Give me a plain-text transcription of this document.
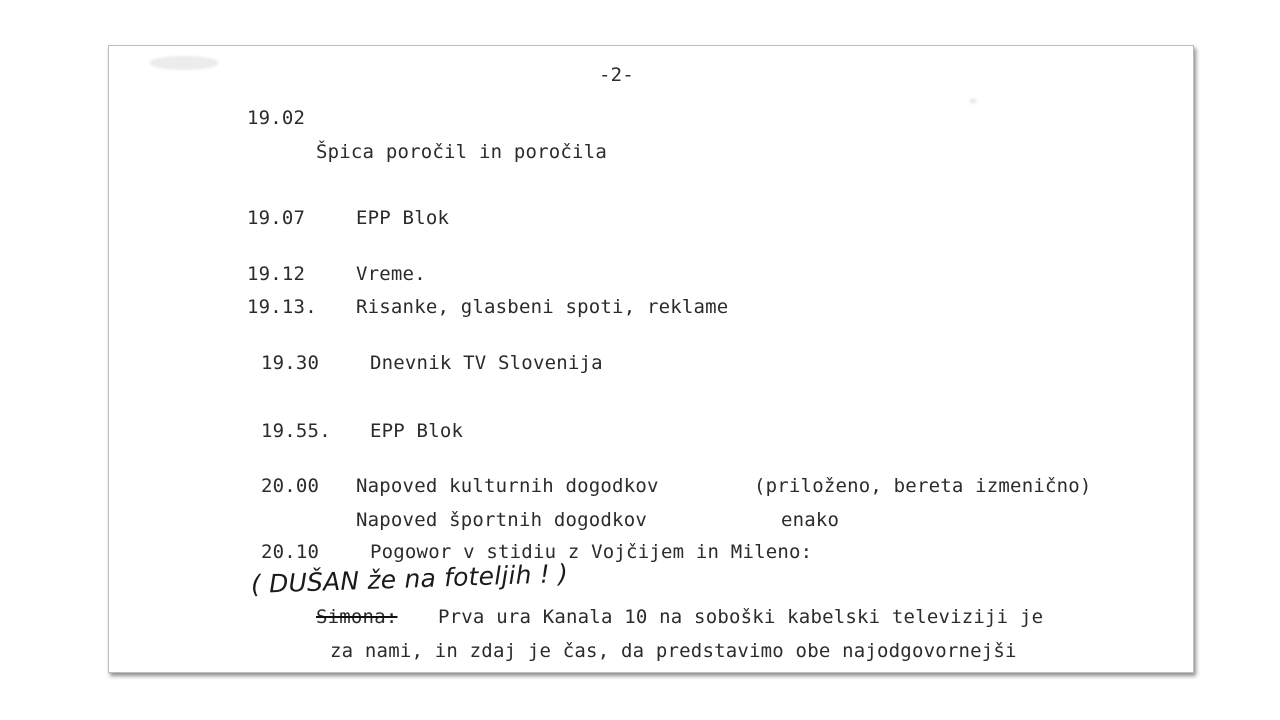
-2-
19.02
Špica poročil in poročila
19.07	EPP Blok
19.12	Vreme.
19.13. Risanke, glasbeni spoti, reklame
19.30	Dnevnik TV Slovenija
19.55. EPP Blok
20.00 Napoved kulturnih dogodkov	(priloženo, bereta izmenično)
Napoved športnih dogodkov	enako
20.10	Pogowor v stidiu z Vojčijem in Mileno:
( DUŠAN že na foteljih ! )
Simona: Prva ura Kanala 10 na soboški kabelski televiziji je
za nami, in zdaj je čas, da predstavimo obe najodgovornejši
